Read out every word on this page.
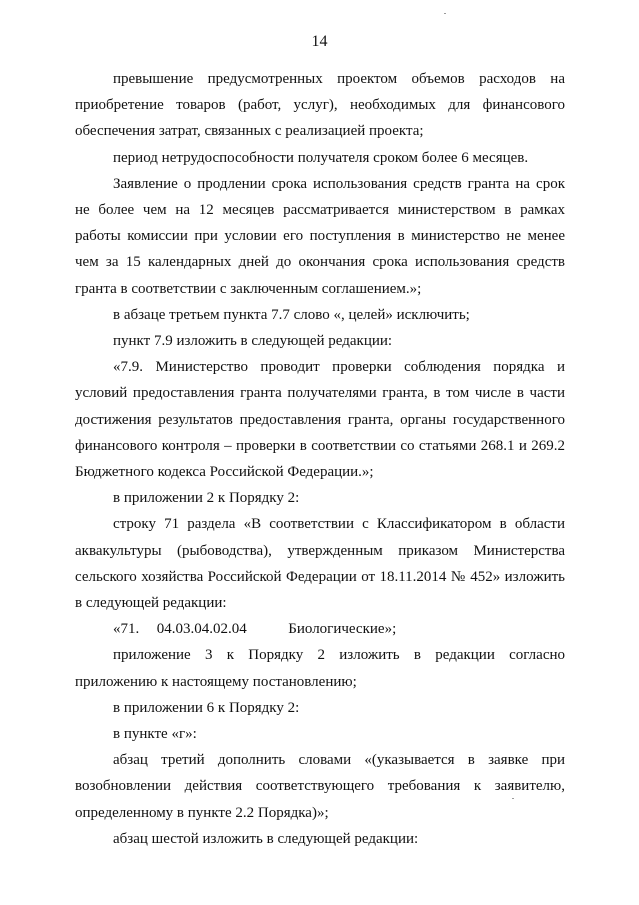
14

превышение предусмотренных проектом объемов расходов на приобретение товаров (работ, услуг), необходимых для финансового обеспечения затрат, связанных с реализацией проекта;

период нетрудоспособности получателя сроком более 6 месяцев.

Заявление о продлении срока использования средств гранта на срок не более чем на 12 месяцев рассматривается министерством в рамках работы комиссии при условии его поступления в министерство не менее чем за 15 календарных дней до окончания срока использования средств гранта в соответствии с заключенным соглашением.»;

в абзаце третьем пункта 7.7 слово «, целей» исключить;

пункт 7.9 изложить в следующей редакции:

«7.9. Министерство проводит проверки соблюдения порядка и условий предоставления гранта получателями гранта, в том числе в части достижения результатов предоставления гранта, органы государственного финансового контроля – проверки в соответствии со статьями 268.1 и 269.2 Бюджетного кодекса Российской Федерации.»;

в приложении 2 к Порядку 2:

строку 71 раздела «В соответствии с Классификатором в области аквакультуры (рыбоводства), утвержденным приказом Министерства сельского хозяйства Российской Федерации от 18.11.2014 № 452» изложить в следующей редакции:

«71. 04.03.04.02.04	Биологические»;

приложение 3 к Порядку 2 изложить в редакции согласно приложению к настоящему постановлению;

в приложении 6 к Порядку 2:

в пункте «г»:

абзац третий дополнить словами «(указывается в заявке при возобновлении действия соответствующего требования к заявителю, определенному в пункте 2.2 Порядка)»;

абзац шестой изложить в следующей редакции:
